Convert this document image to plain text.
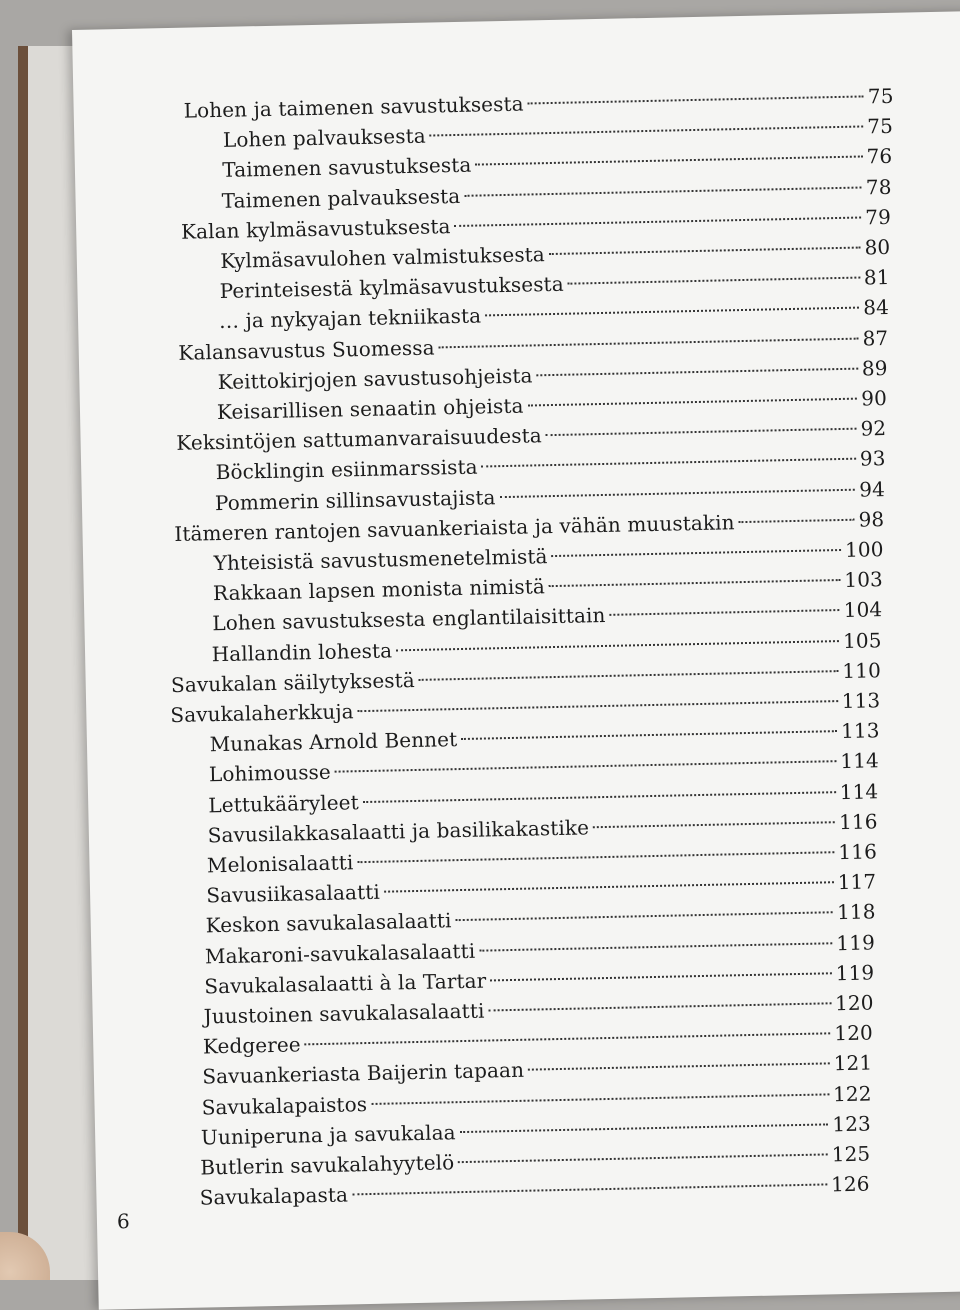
Lohen ja taimenen savustuksesta	75
Lohen palvauksesta	75
Taimenen savustuksesta	76
Taimenen palvauksesta	78
Kalan kylmäsavustuksesta	79
Kylmäsavulohen valmistuksesta	80
Perinteisestä kylmäsavustuksesta	81
… ja nykyajan tekniikasta	84
Kalansavustus Suomessa	87
Keittokirjojen savustusohjeista	89
Keisarillisen senaatin ohjeista	90
Keksintöjen sattumanvaraisuudesta	92
Böcklingin esiinmarssista	93
Pommerin sillinsavustajista	94
Itämeren rantojen savuankeriaista ja vähän muustakin	98
Yhteisistä savustusmenetelmistä	100
Rakkaan lapsen monista nimistä	103
Lohen savustuksesta englantilaisittain	104
Hallandin lohesta	105
Savukalan säilytyksestä	110
Savukalaherkkuja	113
Munakas Arnold Bennet	113
Lohimousse	114
Lettukääryleet	114
Savusilakkasalaatti ja basilikakastike	116
Melonisalaatti	116
Savusiikasalaatti	117
Keskon savukalasalaatti	118
Makaroni-savukalasalaatti	119
Savukalasalaatti à la Tartar	119
Juustoinen savukalasalaatti	120
Kedgeree	120
Savuankeriasta Baijerin tapaan	121
Savukalapaistos	122
Uuniperuna ja savukalaa	123
Butlerin savukalahyytelö	125
Savukalapasta	126
6
